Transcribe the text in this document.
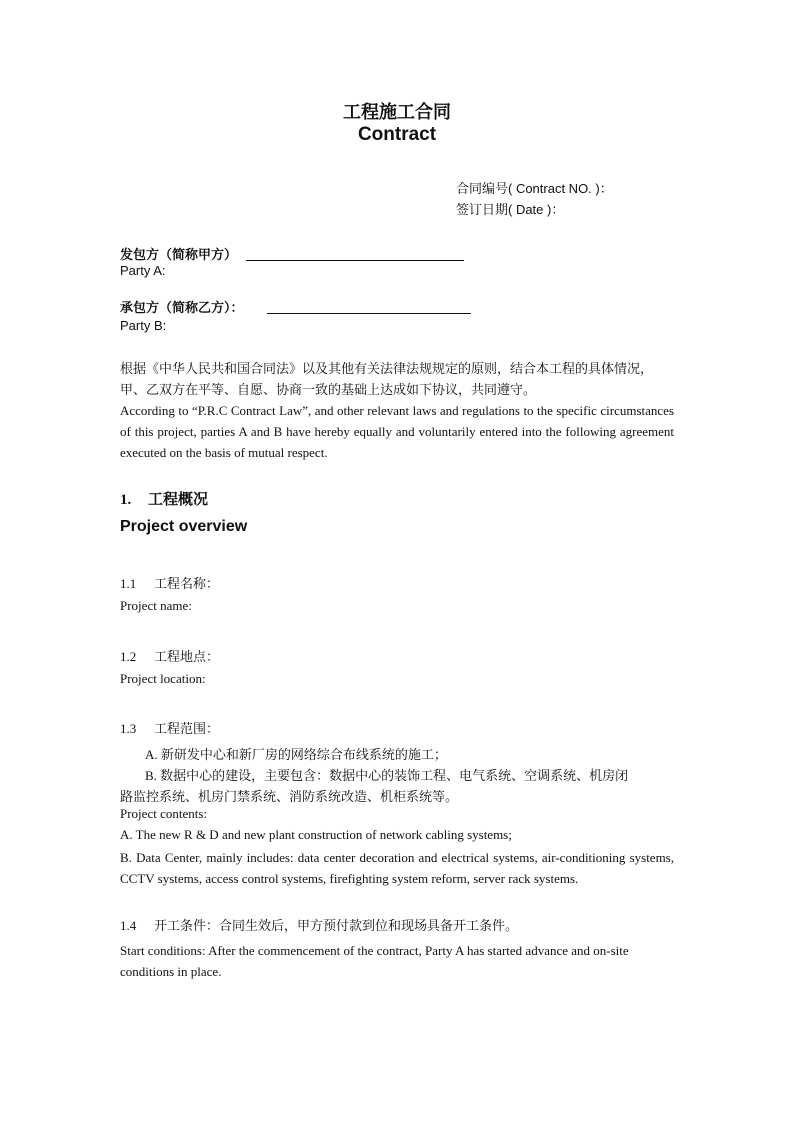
工程施工合同
Contract
合同编号( Contract NO. )：
签订日期( Date )：
发包方（简称甲方）
Party A:
承包方（简称乙方）：
Party B:
根据《中华人民共和国合同法》以及其他有关法律法规规定的原则，结合本工程的具体情况，
甲、乙双方在平等、自愿、协商一致的基础上达成如下协议，共同遵守。
According to “P.R.C Contract Law”, and other relevant laws and regulations to the specific circumstances of this project, parties A and B have hereby equally and voluntarily entered into the following agreement executed on the basis of mutual respect.
1. 工程概况
Project overview
1.1 工程名称：
Project name:
1.2 工程地点：
Project location:
1.3 工程范围：
A. 新研发中心和新厂房的网络综合布线系统的施工；
B. 数据中心的建设，主要包含：数据中心的装饰工程、电气系统、空调系统、机房闭
路监控系统、机房门禁系统、消防系统改造、机柜系统等。
Project contents:
A. The new R & D and new plant construction of network cabling systems;
B. Data Center, mainly includes: data center decoration and electrical systems, air-conditioning systems, CCTV systems, access control systems, firefighting system reform, server rack systems.
1.4 开工条件：合同生效后，甲方预付款到位和现场具备开工条件。
Start conditions: After the commencement of the contract, Party A has started advance and on-site conditions in place.
